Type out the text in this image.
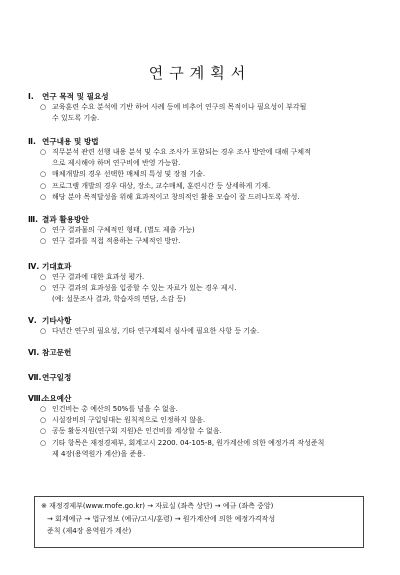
연구계획서
Ⅰ. 연구 목적 및 필요성
○ 교육훈련 수요 분석에 기반 하여 사례 등에 비추어 연구의 목적이나 필요성이 부각될
수 있도록 기술.
Ⅱ. 연구내용 및 방법
○ 직무분석 관련 선행 내용 분석 및 수요 조사가 포함되는 경우 조사 방안에 대해 구체적
으로 제시해야 하며 연구비에 반영 가능함.
○ 매체개발의 경우 선택한 매체의 특성 및 장점 기술.
○ 프로그램 개발의 경우 대상, 장소, 교수매체, 훈련시간 등 상세하게 기재.
○ 해당 분야 목적달성을 위해 효과적이고 창의적인 활용 모습이 잘 드러나도록 작성.
Ⅲ. 결과 활용방안
○ 연구 결과물의 구체적인 형태, (별도 제출 가능)
○ 연구 결과를 직접 적용하는 구체적인 방안.
Ⅳ. 기대효과
○ 연구 결과에 대한 효과성 평가.
○ 연구 결과의 효과성을 입증할 수 있는 자료가 있는 경우 제시.
(예: 설문조사 결과, 학습자의 면담, 소감 등)
Ⅴ. 기타사항
○ 다년간 연구의 필요성, 기타 연구계획서 심사에 필요한 사항 등 기술.
Ⅵ. 참고문헌
Ⅶ.연구일정
Ⅷ.소요예산
○ 인건비는 총 예산의 50%를 넘을 수 없음.
○ 시설장비의 구입임대는 원칙적으로 인정하지 않음.
○ 공동 활동지원(연구회 지원)은 인건비를 계상할 수 없음.
○ 기타 항목은 재정경제부, 회계고시 2200. 04-105-8, 원가계산에 의한 예정가격 작성준칙
제 4장(용역원가 계산)을 준용.
※ 재정경제부(www.mofe.go.kr) → 자료실 (좌측 상단) → 예규 (좌측 중앙)
→ 회계예규 → 법규정보 (예규/고시/훈령) → 원가계산에 의한 예정가격작성
준칙 (제4장 용역원가 계산)
